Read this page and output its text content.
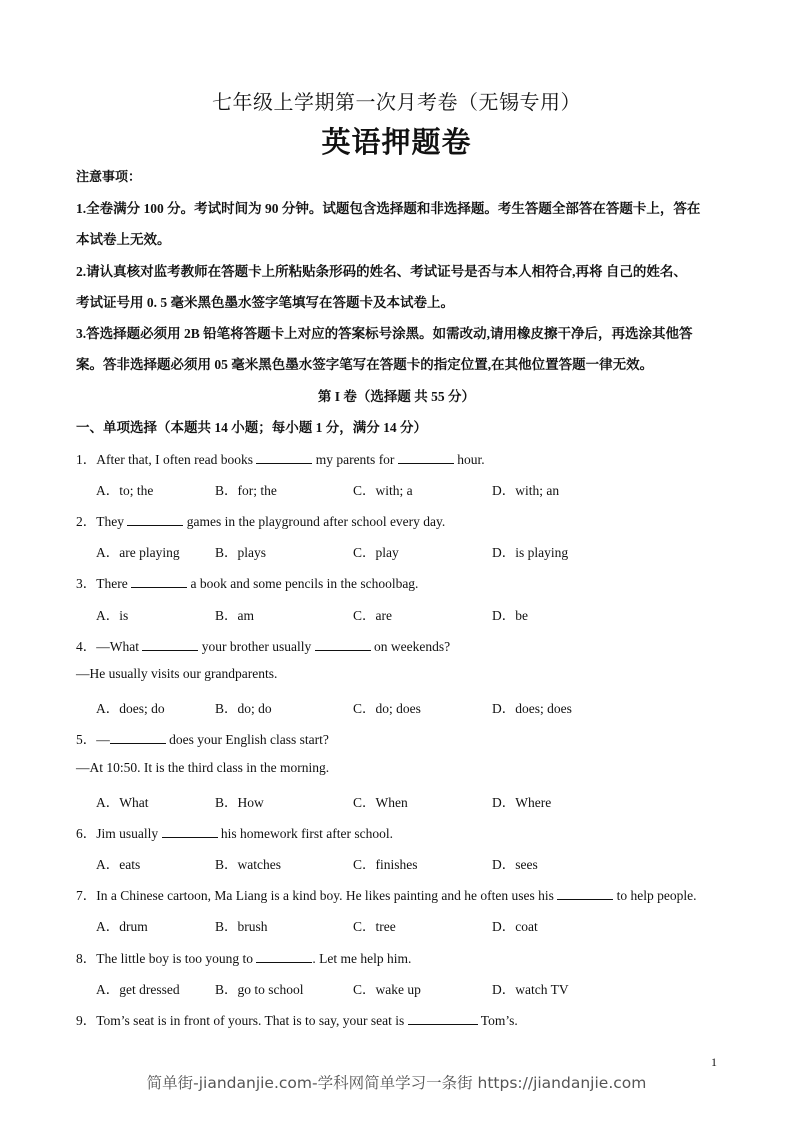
七年级上学期第一次月考卷（无锡专用）
英语押题卷
注意事项：
1.全卷满分 100 分。考试时间为 90 分钟。试题包含选择题和非选择题。考生答题全部答在答题卡上，答在
本试卷上无效。
2.请认真核对监考教师在答题卡上所粘贴条形码的姓名、考试证号是否与本人相符合,再将 自己的姓名、
考试证号用 0. 5 毫米黑色墨水签字笔填写在答题卡及本试卷上。
3.答选择题必须用 2B 铅笔将答题卡上对应的答案标号涂黑。如需改动,请用橡皮擦干净后，再选涂其他答
案。答非选择题必须用 05 毫米黑色墨水签字笔写在答题卡的指定位置,在其他位置答题一律无效。
第 I 卷（选择题 共 55 分）
一、单项选择（本题共 14 小题；每小题 1 分，满分 14 分）
1．After that, I often read books	my parents for	hour.
A．to; the	B．for; the	C．with; a	D．with; an
2．They	games in the playground after school every day.
A．are playing	B．plays	C．play	D．is playing
3．There	a book and some pencils in the schoolbag.
A．is	B．am	C．are	D．be
4．—What	your brother usually	on weekends?
—He usually visits our grandparents.
A．does; do	B．do; do	C．do; does	D．does; does
5．—	does your English class start?
—At 10:50. It is the third class in the morning.
A．What	B．How	C．When	D．Where
6．Jim usually	his homework first after school.
A．eats	B．watches	C．finishes	D．sees
7．In a Chinese cartoon, Ma Liang is a kind boy. He likes painting and he often uses his	to help people.
A．drum	B．brush	C．tree	D．coat
8．The little boy is too young to	. Let me help him.
A．get dressed	B．go to school	C．wake up	D．watch TV
9．Tom’s seat is in front of yours. That is to say, your seat is	Tom’s.
1
简单街-jiandanjie.com-学科网简单学习一条街 https://jiandanjie.com
